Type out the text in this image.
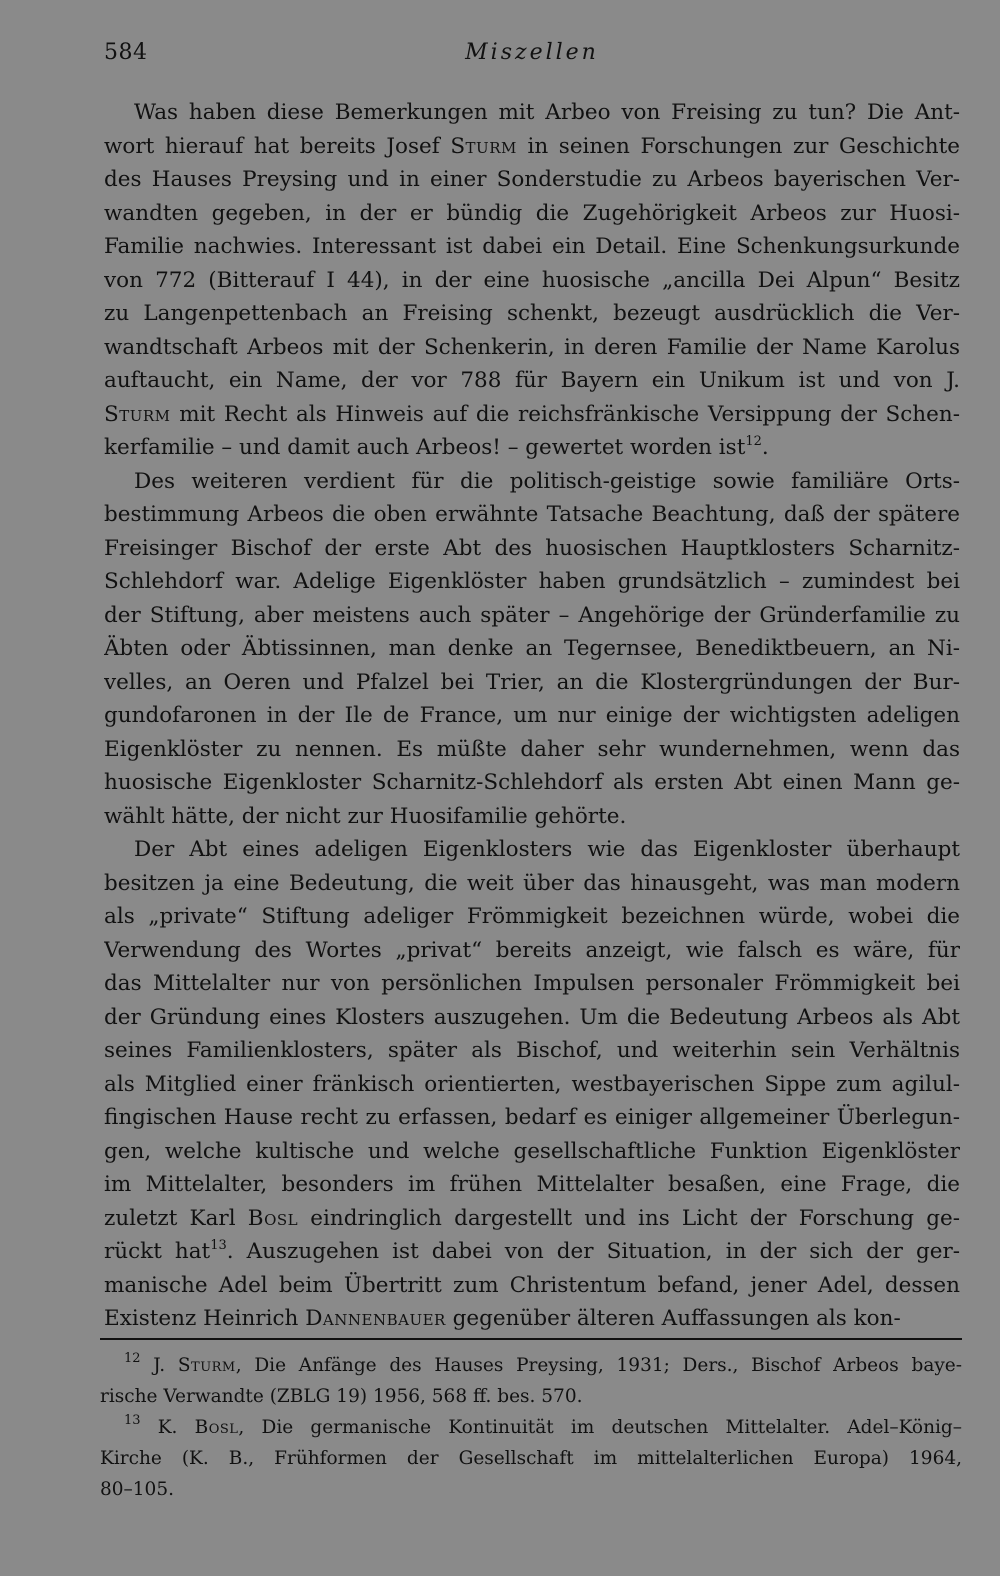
584	Miszellen
Was haben diese Bemerkungen mit Arbeo von Freising zu tun? Die Ant-
wort hierauf hat bereits Josef Sturm in seinen Forschungen zur Geschichte
des Hauses Preysing und in einer Sonderstudie zu Arbeos bayerischen Ver-
wandten gegeben, in der er bündig die Zugehörigkeit Arbeos zur Huosi-
Familie nachwies. Interessant ist dabei ein Detail. Eine Schenkungsurkunde
von 772 (Bitterauf I 44), in der eine huosische „ancilla Dei Alpun“ Besitz
zu Langenpettenbach an Freising schenkt, bezeugt ausdrücklich die Ver-
wandtschaft Arbeos mit der Schenkerin, in deren Familie der Name Karolus
auftaucht, ein Name, der vor 788 für Bayern ein Unikum ist und von J.
Sturm mit Recht als Hinweis auf die reichsfränkische Versippung der Schen-
kerfamilie – und damit auch Arbeos! – gewertet worden ist$^{12}$.
Des weiteren verdient für die politisch-geistige sowie familiäre Orts-
bestimmung Arbeos die oben erwähnte Tatsache Beachtung, daß der spätere
Freisinger Bischof der erste Abt des huosischen Hauptklosters Scharnitz-
Schlehdorf war. Adelige Eigenklöster haben grundsätzlich – zumindest bei
der Stiftung, aber meistens auch später – Angehörige der Gründerfamilie zu
Äbten oder Äbtissinnen, man denke an Tegernsee, Benediktbeuern, an Ni-
velles, an Oeren und Pfalzel bei Trier, an die Klostergründungen der Bur-
gundofaronen in der Ile de France, um nur einige der wichtigsten adeligen
Eigenklöster zu nennen. Es müßte daher sehr wundernehmen, wenn das
huosische Eigenkloster Scharnitz-Schlehdorf als ersten Abt einen Mann ge-
wählt hätte, der nicht zur Huosifamilie gehörte.
Der Abt eines adeligen Eigenklosters wie das Eigenkloster überhaupt
besitzen ja eine Bedeutung, die weit über das hinausgeht, was man modern
als „private“ Stiftung adeliger Frömmigkeit bezeichnen würde, wobei die
Verwendung des Wortes „privat“ bereits anzeigt, wie falsch es wäre, für
das Mittelalter nur von persönlichen Impulsen personaler Frömmigkeit bei
der Gründung eines Klosters auszugehen. Um die Bedeutung Arbeos als Abt
seines Familienklosters, später als Bischof, und weiterhin sein Verhältnis
als Mitglied einer fränkisch orientierten, westbayerischen Sippe zum agilul-
fingischen Hause recht zu erfassen, bedarf es einiger allgemeiner Überlegun-
gen, welche kultische und welche gesellschaftliche Funktion Eigenklöster
im Mittelalter, besonders im frühen Mittelalter besaßen, eine Frage, die
zuletzt Karl Bosl eindringlich dargestellt und ins Licht der Forschung ge-
rückt hat$^{13}$. Auszugehen ist dabei von der Situation, in der sich der ger-
manische Adel beim Übertritt zum Christentum befand, jener Adel, dessen
Existenz Heinrich Dannenbauer gegenüber älteren Auffassungen als kon-
$^{12}$ J. Sturm, Die Anfänge des Hauses Preysing, 1931; Ders., Bischof Arbeos baye-
rische Verwandte (ZBLG 19) 1956, 568 ff. bes. 570.
$^{13}$ K. Bosl, Die germanische Kontinuität im deutschen Mittelalter. Adel–König–
Kirche (K. B., Frühformen der Gesellschaft im mittelalterlichen Europa) 1964,
80–105.
